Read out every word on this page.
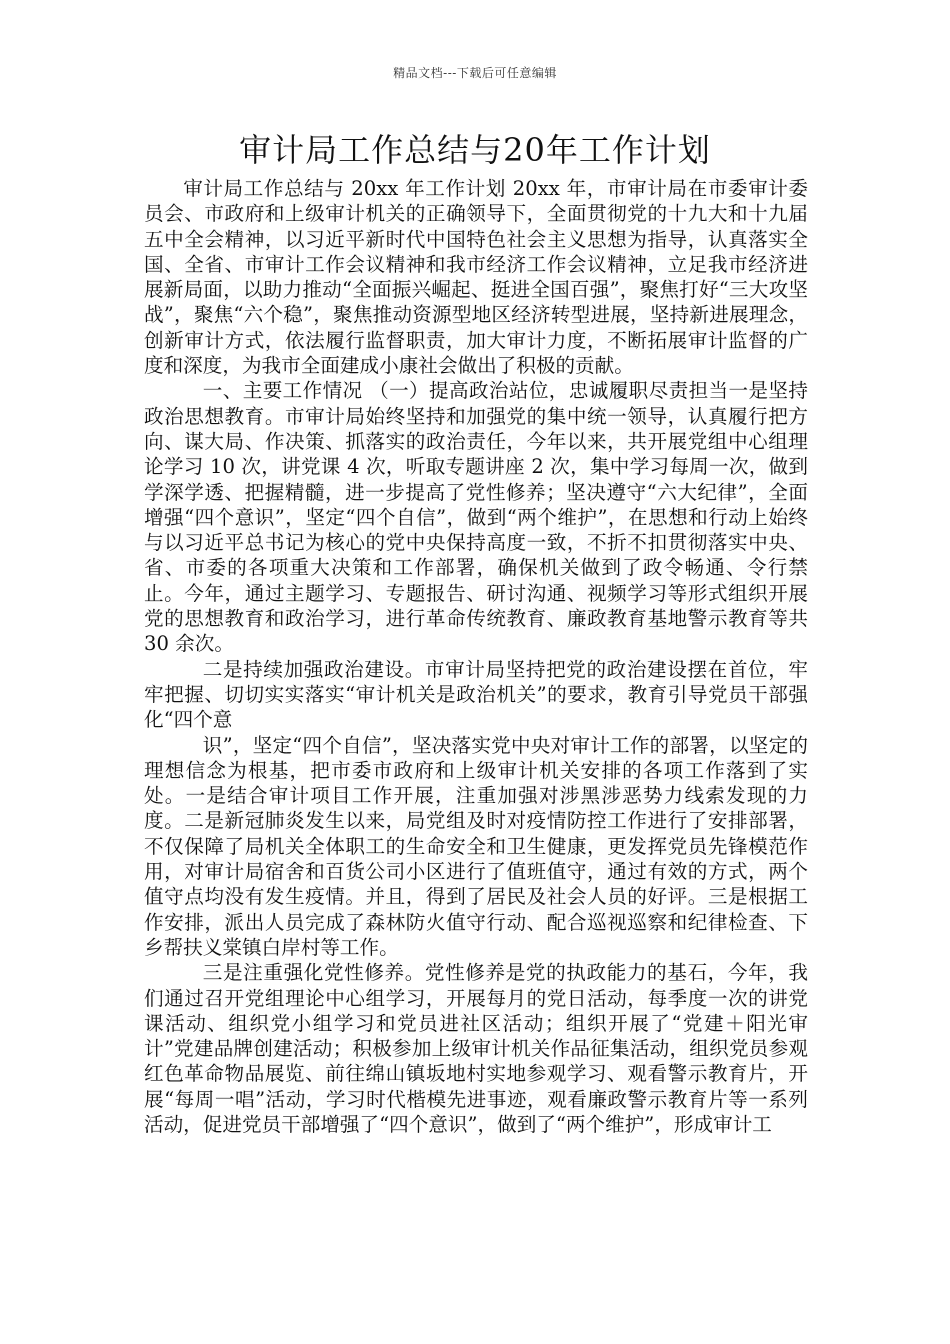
精品文档---下载后可任意编辑
审计局工作总结与20年工作计划

审计局工作总结与 20xx 年工作计划 20xx 年，市审计局在市委审计委员会、市政府和上级审计机关的正确领导下，全面贯彻党的十九大和十九届五中全会精神，以习近平新时代中国特色社会主义思想为指导，认真落实全国、全省、市审计工作会议精神和我市经济工作会议精神，立足我市经济进展新局面，以助力推动“全面振兴崛起、挺进全国百强”，聚焦打好“三大攻坚战”，聚焦“六个稳”，聚焦推动资源型地区经济转型进展，坚持新进展理念，创新审计方式，依法履行监督职责，加大审计力度，不断拓展审计监督的广度和深度，为我市全面建成小康社会做出了积极的贡献。

一、主要工作情况 （一）提高政治站位，忠诚履职尽责担当一是坚持政治思想教育。市审计局始终坚持和加强党的集中统一领导，认真履行把方向、谋大局、作决策、抓落实的政治责任，今年以来，共开展党组中心组理论学习 10 次，讲党课 4 次，听取专题讲座 2 次，集中学习每周一次，做到学深学透、把握精髓，进一步提高了党性修养；坚决遵守“六大纪律”，全面增强“四个意识”，坚定“四个自信”，做到“两个维护”，在思想和行动上始终与以习近平总书记为核心的党中央保持高度一致，不折不扣贯彻落实中央、省、市委的各项重大决策和工作部署，确保机关做到了政令畅通、令行禁止。今年，通过主题学习、专题报告、研讨沟通、视频学习等形式组织开展党的思想教育和政治学习，进行革命传统教育、廉政教育基地警示教育等共 30 余次。

二是持续加强政治建设。市审计局坚持把党的政治建设摆在首位，牢牢把握、切切实实落实“审计机关是政治机关”的要求，教育引导党员干部强化“四个意

识”，坚定“四个自信”，坚决落实党中央对审计工作的部署，以坚定的理想信念为根基，把市委市政府和上级审计机关安排的各项工作落到了实处。一是结合审计项目工作开展，注重加强对涉黑涉恶势力线索发现的力度。二是新冠肺炎发生以来，局党组及时对疫情防控工作进行了安排部署，不仅保障了局机关全体职工的生命安全和卫生健康，更发挥党员先锋模范作用，对审计局宿舍和百货公司小区进行了值班值守，通过有效的方式，两个值守点均没有发生疫情。并且，得到了居民及社会人员的好评。三是根据工作安排，派出人员完成了森林防火值守行动、配合巡视巡察和纪律检查、下乡帮扶义棠镇白岸村等工作。

三是注重强化党性修养。党性修养是党的执政能力的基石，今年，我们通过召开党组理论中心组学习，开展每月的党日活动，每季度一次的讲党课活动、组织党小组学习和党员进社区活动；组织开展了“党建＋阳光审计”党建品牌创建活动；积极参加上级审计机关作品征集活动，组织党员参观红色革命物品展览、前往绵山镇坂地村实地参观学习、观看警示教育片，开展“每周一唱”活动，学习时代楷模先进事迹，观看廉政警示教育片等一系列活动，促进党员干部增强了“四个意识”，做到了“两个维护”，形成审计工
